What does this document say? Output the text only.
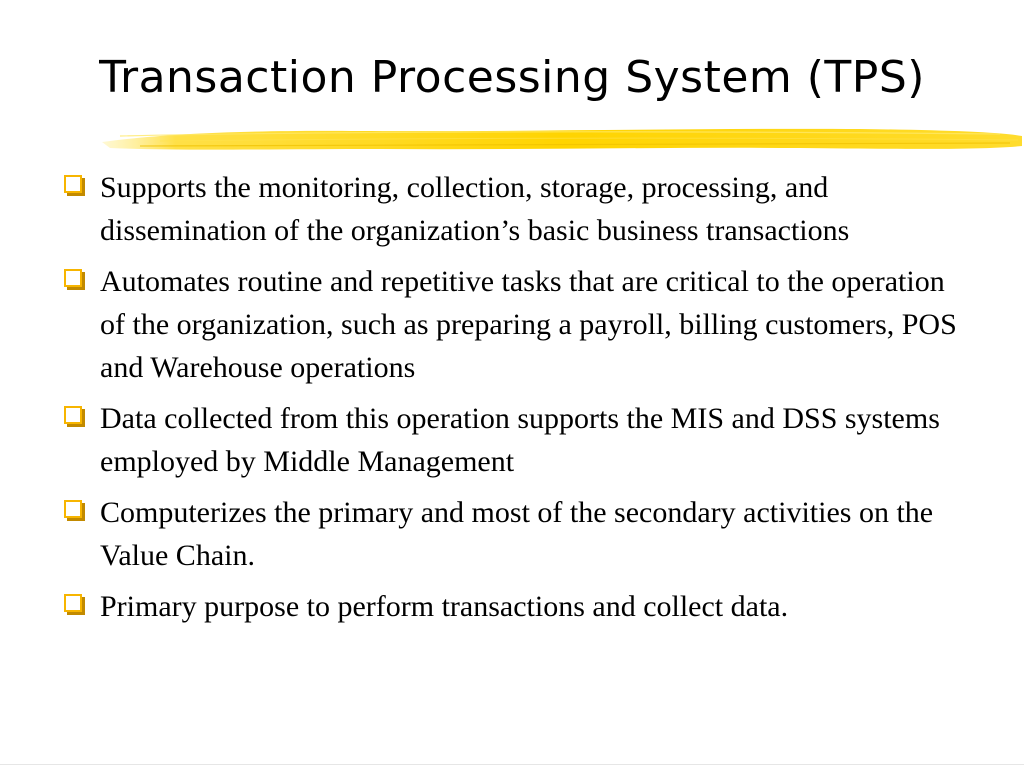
Transaction Processing System (TPS)
Supports the monitoring, collection, storage, processing, and dissemination of the organization’s basic business transactions
Automates routine and repetitive tasks that are critical to the operation of the organization, such as preparing a payroll, billing customers, POS and Warehouse operations
Data collected from this operation supports the MIS and DSS systems employed by Middle Management
Computerizes the primary and most of the secondary activities on the Value Chain.
Primary purpose to perform transactions and collect data.
